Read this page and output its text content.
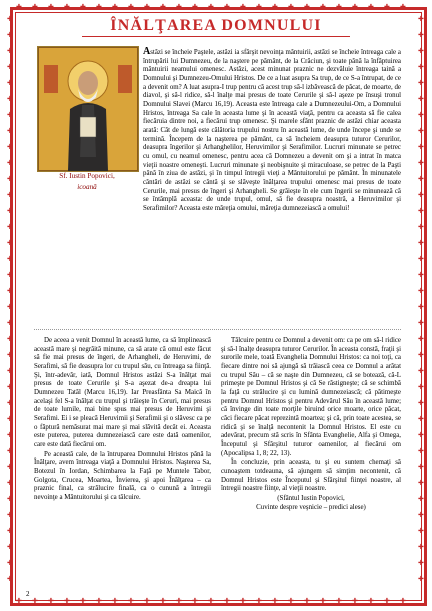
ÎNĂLŢAREA DOMNULUI
Sf. Iustin Popovici,
icoană
Astăzi se încheie Paştele, astăzi ia sfârşit nevoinţa mântuirii, astăzi se încheie întreaga cale a întrupării lui Dumnezeu, de la naştere pe pământ, de la Crăciun, şi toate până la înfăptuirea mântuirii neamului omenesc. Astăzi, acest minunat praznic ne dezvăluie întreaga taină a Domnului şi Dumnezeu-Omului Hristos. De ce a luat asupra Sa trup, de ce S-a întrupat, de ce a devenit om? A luat asupra-I trup pentru că acest trup să-l izbăvească de păcat, de moarte, de diavol, şi să-l ridice, să-l înalţe mai presus de toate Cerurile şi să-l aşeze pe însuşi tronul Domnului Slavei (Marcu 16,19). Aceasta este întreaga cale a Dumnezeului-Om, a Domnului Hristos, întreaga Sa cale în aceasta lume şi în această viaţă, pentru ca aceasta să fie calea fiecăruia dintre noi, a fiecărui trup omenesc. Şi marele sfânt praznic de astăzi chiar aceasta arată: Cât de lungă este călătoria trupului nostru în această lume, de unde începe şi unde se termină. Începem de la naşterea pe pământ, ca să încheiem deasupra tuturor Cerurilor, deasupra îngerilor şi Arhanghelilor, Heruvimilor şi Serafimilor. Lucruri minunate se petrec cu omul, cu neamul omenesc, pentru acea că Domnezeu a devenit om şi a intrat în matca vieţii noastre omeneşti. Lucruri minunate şi neobişnuite şi miraculoase, se petrec de la Paşti până în ziua de astăzi, şi în timpul întregii vieţi a Mântuitorului pe pământ. În minunatele cântări de astăzi se cântă şi se slăveşte înălţarea trupului omenesc mai presus de toate Cerurile, mai presus de îngeri şi Arhangheli. Se grăieşte în ele cum îngerii se minunează că se întâmplă aceasta: de unde trupul, omul, să fie deasupra noastră, a Heruvimilor şi Serafimilor? Aceasta este măreţia omului, măreţia dumnezeiască a omului!

De aceea a venit Domnul în această lume, ca să împlinească această mare şi negrăită minune, ca să arate că omul este făcut să fie mai presus de îngeri, de Arhangheli, de Heruvimi, de Serafimi, să fie deasupra lor cu trupul său, cu întreaga sa fiinţă. Şi, într-adevăr, iată, Domnul Hristos astăzi S-a înălţat mai presus de toate Cerurile şi S-a aşezat de-a dreapta lui Dumnezeu Tatăl (Marcu 16,19). Iar Preasfânta Sa Maică în acelaşi fel S-a înălţat cu trupul şi trăieşte în Ceruri, mai presus de toate lumile, mai bine spus mai presus de Heruvimi şi Serafimi. Ei i se pleacă Heruvimii şi Serafimii şi o slăvesc ca pe o făptură nemăsurat mai mare şi mai slăvită decât ei. Aceasta este puterea, puterea dumnezeiască care este dată oamenilor, care este dată fiecărui om.

Pe această cale, de la întruparea Domnului Hristos până la Înălţare, avem întreaga viaţă a Domnului Hristos. Naşterea Sa, Botezul în Iordan, Schimbarea la Faţă pe Muntele Tabor, Golgota, Crucea, Moartea, Învierea, şi apoi Înălţarea – ca praznic final, ca strălucire finală, ca o cunună a întregii nevoinţe a Mântuitorului şi ca tâlcuire.

Tâlcuire pentru ce Domnul a devenit om: ca pe om să-l ridice şi să-l înalţe deasupra tuturor Cerurilor. În aceasta constă, fraţii şi surorile mele, toată Evanghelia Domnului Hristos: ca noi toţi, ca fiecare dintre noi să ajungă să trăiască ceea ce Domnul a arătat cu trupul Său – că se naşte din Dumnezeu, că se botează, că-L primeşte pe Domnul Hristos şi că Se răstigneşte; că se schimbă la faţă cu strălucire şi cu lumină dumnezeiască; că pătimeşte pentru Domnul Hristos şi pentru Adevărul Său în această lume; că învinge din toate morţile biruind orice moarte, orice păcat, căci fiecare păcat reprezintă moartea; şi că, prin toate acestea, se ridică şi se înalţă necontenit la Domnul Hristos. El este cu adevărat, precum stă scris în Sfânta Evanghelie, Alfa şi Omega, Începutul şi Sfârşitul tuturor oamenilor, al fiecărui om (Apocalipsa 1, 8; 22, 13).

În concluzie, prin aceasta, tu şi eu suntem chemaţi să cunoaştem totdeauna, să ajungem să simţim necontenit, că Domnul Hristos este Începutul şi Sfârşitul fiinţei noastre, al întregii noastre fiinţe, al vieţii noastre.

(Sfântul Iustin Popovici,

Cuvinte despre veşnicie – predici alese)

2
✚
✚
✚
✚
✚
✚
✚
✚
✚
✚
✚
✚
✚
✚
✚
✚
✚
✚
✚
✚
✚
✚
✚
✚
✚
✚
✚
✚
✚
✚
✚
✚
✚
✚
✚
✚
✚
✚
✚
✚
✚
✚
✚
✚
✚
✚
✚
✚
✚
✚
✚	✚
✚	✚
✚	✚
✚	✚
✚	✚
✚	✚
✚	✚
✚	✚
✚	✚
✚	✚
✚	✚
✚	✚
✚	✚
✚	✚
✚	✚
✚	✚
✚	✚
✚	✚
✚	✚
✚	✚
✚	✚
✚	✚
✚	✚
✚	✚
✚	✚
✚	✚
✚	✚
✚	✚
✚	✚
✚	✚
✚	✚
✚	✚
✚	✚
✚	✚
✚	✚
✚	✚
